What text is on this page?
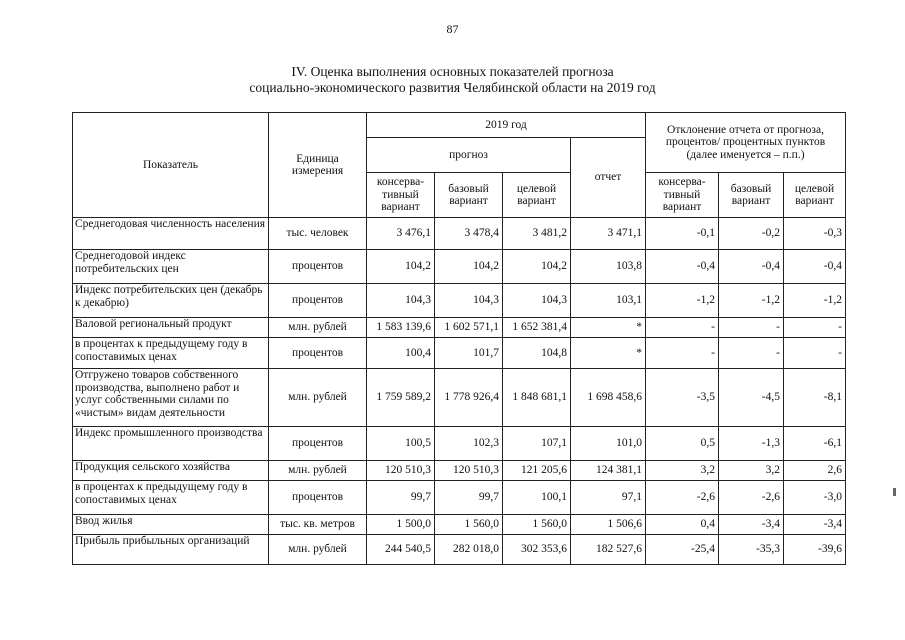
87
IV. Оценка выполнения основных показателей прогноза
социально-экономического развития Челябинской области на 2019 год
Показатель	Единица измерения	2019 год				Отклонение отчета от прогноза, процентов/ процентных пунктов (далее именуется – п.п.)		
		прогноз			отчет			
		консерва-тивный вариант	базовый вариант	целевой вариант		консерва-тивный вариант	базовый вариант	целевой вариант
Среднегодовая численность населения	тыс. человек	3 476,1	3 478,4	3 481,2	3 471,1	-0,1	-0,2	-0,3
Среднегодовой индекс потребительских цен	процентов	104,2	104,2	104,2	103,8	-0,4	-0,4	-0,4
Индекс потребительских цен (декабрь к декабрю)	процентов	104,3	104,3	104,3	103,1	-1,2	-1,2	-1,2
Валовой региональный продукт	млн. рублей	1 583 139,6	1 602 571,1	1 652 381,4	*	-	-	-
в процентах к предыдущему году в сопоставимых ценах	процентов	100,4	101,7	104,8	*	-	-	-
Отгружено товаров собственного производства, выполнено работ и услуг собственными силами по «чистым» видам деятельности	млн. рублей	1 759 589,2	1 778 926,4	1 848 681,1	1 698 458,6	-3,5	-4,5	-8,1
Индекс промышленного производства	процентов	100,5	102,3	107,1	101,0	0,5	-1,3	-6,1
Продукция сельского хозяйства	млн. рублей	120 510,3	120 510,3	121 205,6	124 381,1	3,2	3,2	2,6
в процентах к предыдущему году в сопоставимых ценах	процентов	99,7	99,7	100,1	97,1	-2,6	-2,6	-3,0
Ввод жилья	тыс. кв. метров	1 500,0	1 560,0	1 560,0	1 506,6	0,4	-3,4	-3,4
Прибыль прибыльных организаций	млн. рублей	244 540,5	282 018,0	302 353,6	182 527,6	-25,4	-35,3	-39,6
